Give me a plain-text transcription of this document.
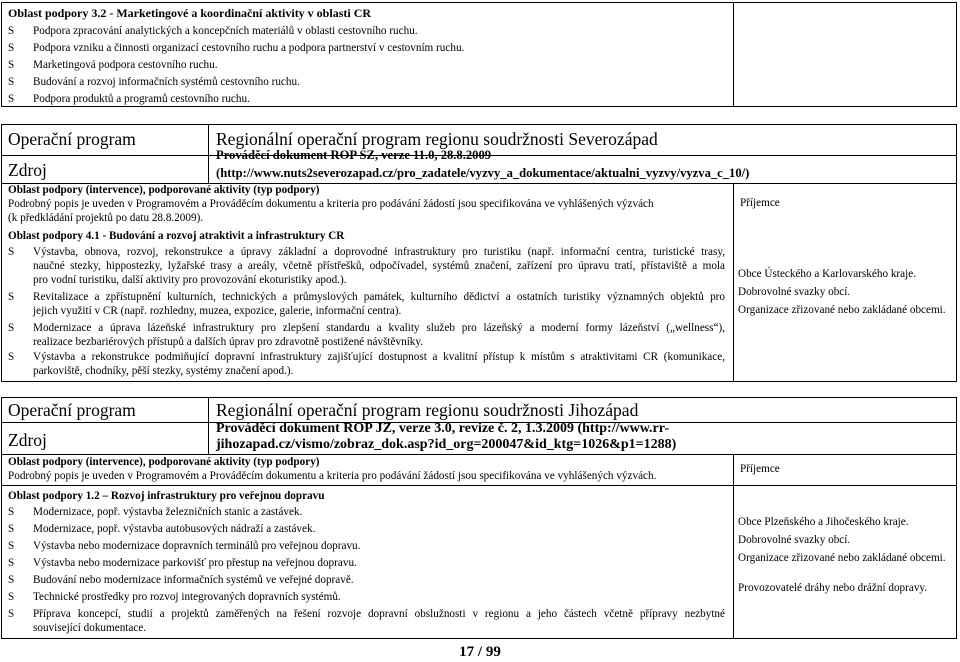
Oblast podpory 3.2 - Marketingové a koordinační aktivity v oblasti CR
S Podpora zpracování analytických a koncepčních materiálů v oblasti cestovního ruchu.
S Podpora vzniku a činnosti organizací cestovního ruchu a podpora partnerství v cestovním ruchu.
S Marketingová podpora cestovního ruchu.
S Budování a rozvoj informačních systémů cestovního ruchu.
S Podpora produktů a programů cestovního ruchu.
Operační program	Regionální operační program regionu soudržnosti Severozápad
Zdroj
Prováděcí dokument ROP SZ, verze 11.0, 28.8.2009
(http://www.nuts2severozapad.cz/pro_zadatele/vyzvy_a_dokumentace/aktualni_vyzvy/vyzva_c_10/)
Oblast podpory (intervence), podporované aktivity (typ podpory)
Podrobný popis je uveden v Programovém a Prováděcím dokumentu a kriteria pro podávání žádostí jsou specifikována ve vyhlášených výzvách
(k předkládání projektů po datu 28.8.2009).
Příjemce
Oblast podpory 4.1 - Budování a rozvoj atraktivit a infrastruktury CR
S Výstavba, obnova, rozvoj, rekonstrukce a úpravy základní a doprovodné infrastruktury pro turistiku (např. informační centra, turistické trasy,
naučné stezky, hippostezky, lyžařské trasy a areály, včetně přístřešků, odpočívadel, systémů značení, zařízení pro úpravu tratí, přístaviště a mola
pro vodní turistiku, další aktivity pro provozování ekoturistiky apod.).
S Revitalizace a zpřístupnění kulturních, technických a průmyslových památek, kulturního dědictví a ostatních turistiky významných objektů pro
jejich využití v CR (např. rozhledny, muzea, expozice, galerie, informační centra).
S Modernizace a úprava lázeňské infrastruktury pro zlepšení standardu a kvality služeb pro lázeňský a moderní formy lázeňství („wellness“),
realizace bezbariérových přístupů a dalších úprav pro zdravotně postižené návštěvníky.
S Výstavba a rekonstrukce podmiňující dopravní infrastruktury zajišťující dostupnost a kvalitní přístup k místům s atraktivitami CR (komunikace,
parkoviště, chodníky, pěší stezky, systémy značení apod.).
Obce Ústeckého a Karlovarského kraje.
Dobrovolné svazky obcí.
Organizace zřizované nebo zakládané obcemi.
Operační program	Regionální operační program regionu soudržnosti Jihozápad
Zdroj
Prováděcí dokument ROP JZ, verze 3.0, revize č. 2, 1.3.2009 (http://www.rr-
jihozapad.cz/vismo/zobraz_dok.asp?id_org=200047&id_ktg=1026&p1=1288)
Oblast podpory (intervence), podporované aktivity (typ podpory)
Podrobný popis je uveden v Programovém a Prováděcím dokumentu a kriteria pro podávání žádostí jsou specifikována ve vyhlášených výzvách.
Příjemce
Oblast podpory 1.2 – Rozvoj infrastruktury pro veřejnou dopravu
S Modernizace, popř. výstavba železničních stanic a zastávek.
S Modernizace, popř. výstavba autobusových nádraží a zastávek.
S Výstavba nebo modernizace dopravních terminálů pro veřejnou dopravu.
S Výstavba nebo modernizace parkovišť pro přestup na veřejnou dopravu.
S Budování nebo modernizace informačních systémů ve veřejné dopravě.
S Technické prostředky pro rozvoj integrovaných dopravních systémů.
S Příprava koncepcí, studií a projektů zaměřených na řešení rozvoje dopravní obslužnosti v regionu a jeho částech včetně přípravy nezbytné
související dokumentace.
Obce Plzeňského a Jihočeského kraje.
Dobrovolné svazky obcí.
Organizace zřizované nebo zakládané obcemi.
Provozovatelé dráhy nebo drážní dopravy.
17 / 99
